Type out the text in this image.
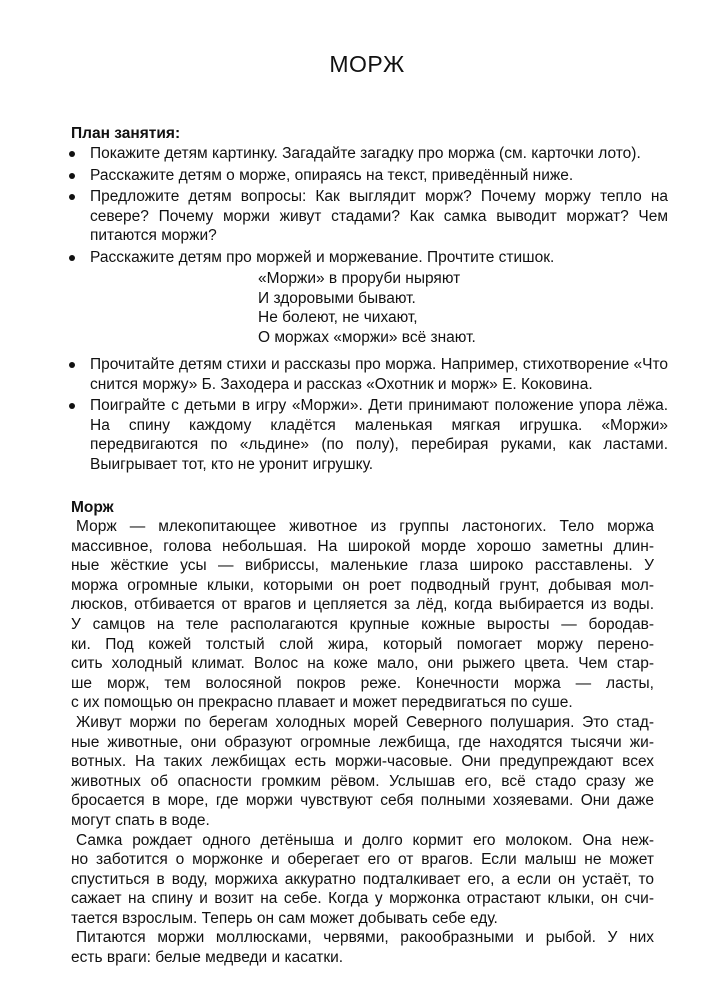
МОРЖ
План занятия:
Покажите детям картинку. Загадайте загадку про моржа (см. карточки лото).
Расскажите детям о морже, опираясь на текст, приведённый ниже.
Предложите детям вопросы: Как выглядит морж? Почему моржу тепло на севере? Почему моржи живут стадами? Как самка выводит моржат? Чем питаются моржи?
Расскажите детям про моржей и моржевание. Прочтите стишок.
«Моржи» в проруби ныряют
И здоровыми бывают.
Не болеют, не чихают,
О моржах «моржи» всё знают.
Прочитайте детям стихи и рассказы про моржа. Например, стихотворение «Что снится моржу» Б. Заходера и рассказ «Охотник и морж» Е. Коковина.
Поиграйте с детьми в игру «Моржи». Дети принимают положение упора лёжа. На спину каждому кладётся маленькая мягкая игрушка. «Моржи» передвигаются по «льдине» (по полу), перебирая руками, как ластами. Выигрывает тот, кто не уронит игрушку.
Морж
Морж — млекопитающее животное из группы ластоногих. Тело моржа
массивное, голова небольшая. На широкой морде хорошо заметны длин-
ные жёсткие усы — вибриссы, маленькие глаза широко расставлены. У
моржа огромные клыки, которыми он роет подводный грунт, добывая мол-
люсков, отбивается от врагов и цепляется за лёд, когда выбирается из воды.
У самцов на теле располагаются крупные кожные выросты — бородав-
ки. Под кожей толстый слой жира, который помогает моржу перено-
сить холодный климат. Волос на коже мало, они рыжего цвета. Чем стар-
ше морж, тем волосяной покров реже. Конечности моржа — ласты,
с их помощью он прекрасно плавает и может передвигаться по суше.
Живут моржи по берегам холодных морей Северного полушария. Это стад-
ные животные, они образуют огромные лежбища, где находятся тысячи жи-
вотных. На таких лежбищах есть моржи-часовые. Они предупреждают всех
животных об опасности громким рёвом. Услышав его, всё стадо сразу же
бросается в море, где моржи чувствуют себя полными хозяевами. Они даже
могут спать в воде.
Самка рождает одного детёныша и долго кормит его молоком. Она неж-
но заботится о моржонке и оберегает его от врагов. Если малыш не может
спуститься в воду, моржиха аккуратно подталкивает его, а если он устаёт, то
сажает на спину и возит на себе. Когда у моржонка отрастают клыки, он счи-
тается взрослым. Теперь он сам может добывать себе еду.
Питаются моржи моллюсками, червями, ракообразными и рыбой. У них
есть враги: белые медведи и касатки.
